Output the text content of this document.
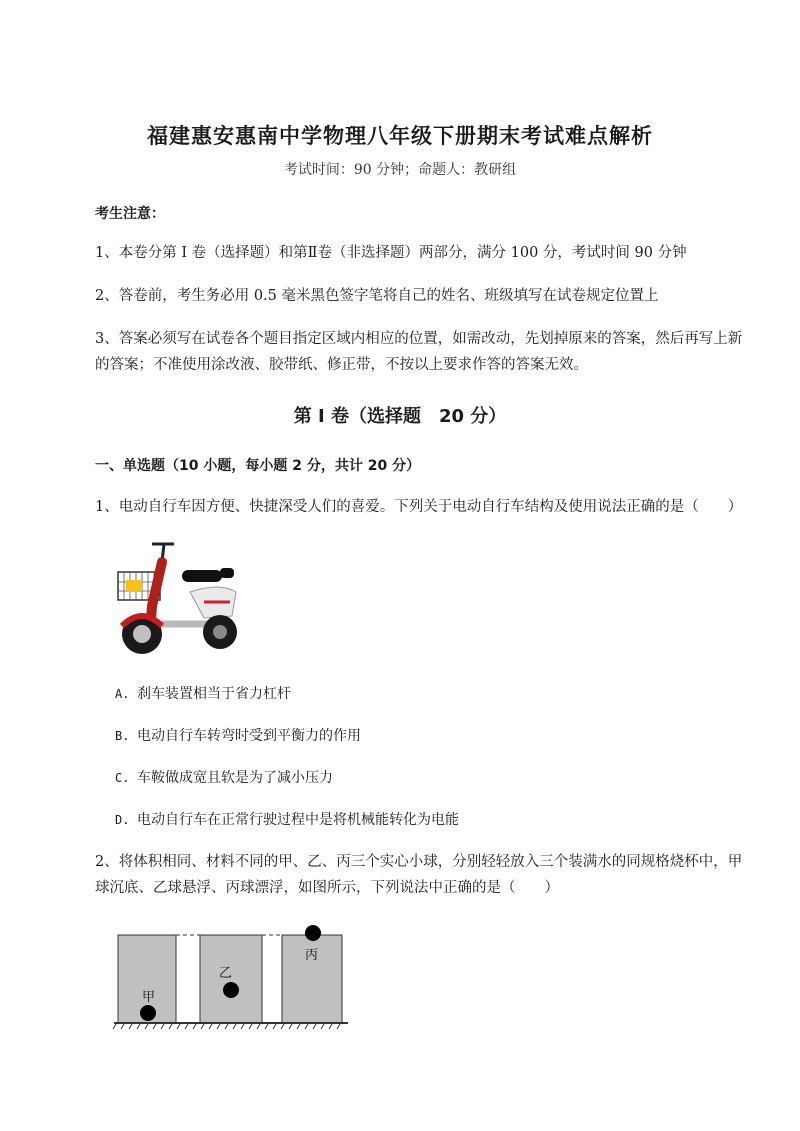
福建惠安惠南中学物理八年级下册期末考试难点解析
考试时间：90 分钟；命题人：教研组
考生注意：
1、本卷分第 I 卷（选择题）和第Ⅱ卷（非选择题）两部分，满分 100 分，考试时间 90 分钟
2、答卷前，考生务必用 0.5 毫米黑色签字笔将自己的姓名、班级填写在试卷规定位置上
3、答案必须写在试卷各个题目指定区域内相应的位置，如需改动，先划掉原来的答案，然后再写上新的答案；不准使用涂改液、胶带纸、修正带，不按以上要求作答的答案无效。
第 I 卷（选择题　20 分）
一、单选题（10 小题，每小题 2 分，共计 20 分）
1、电动自行车因方便、快捷深受人们的喜爱。下列关于电动自行车结构及使用说法正确的是（　　）
A. 刹车装置相当于省力杠杆
B. 电动自行车转弯时受到平衡力的作用
C. 车鞍做成宽且软是为了减小压力
D. 电动自行车在正常行驶过程中是将机械能转化为电能
2、将体积相同、材料不同的甲、乙、丙三个实心小球，分别轻轻放入三个装满水的同规格烧杯中，甲球沉底、乙球悬浮、丙球漂浮，如图所示，下列说法中正确的是（　　）
甲
乙
丙
